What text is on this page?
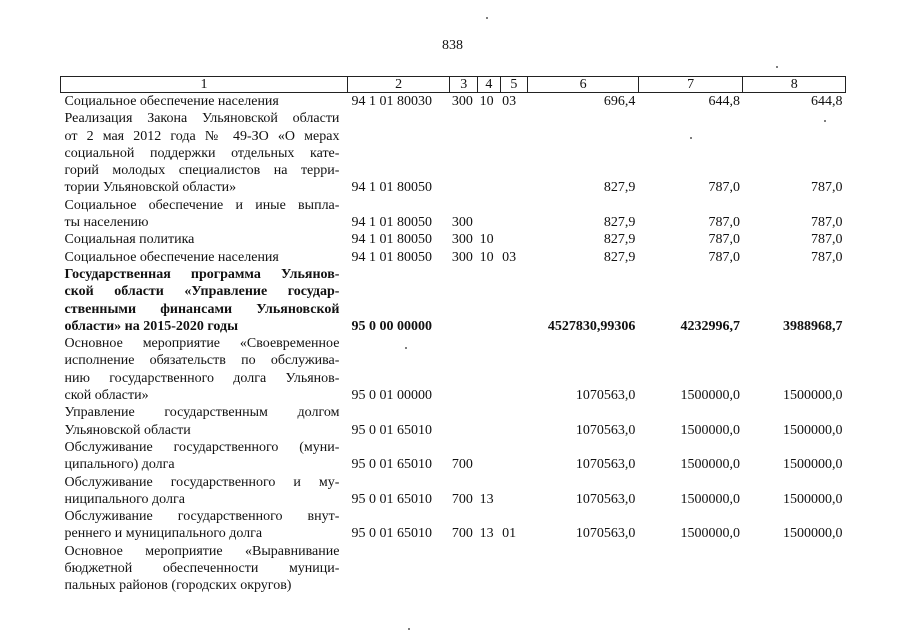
838
1	2	3	4	5	6	7	8

Социальное обеспечение населения	94 1 01 80030	300	10	03	696,4	644,8	644,8

Реализация Закона Ульяновской области
от 2 мая 2012 года № 49-ЗО «О мерах
социальной поддержки отдельных кате-
горий молодых специалистов на терри-
тории Ульяновской области»	94 1 01 80050				827,9	787,0	787,0

Социальное обеспечение и иные выпла-
ты населению	94 1 01 80050	300			827,9	787,0	787,0

Социальная политика	94 1 01 80050	300	10		827,9	787,0	787,0

Социальное обеспечение населения	94 1 01 80050	300	10	03	827,9	787,0	787,0

Государственная программа Ульянов-
ской области «Управление государ-
ственными финансами Ульяновской
области» на 2015-2020 годы	95 0 00 00000				4527830,99306	4232996,7	3988968,7

Основное мероприятие «Своевременное
исполнение обязательств по обслужива-
нию государственного долга Ульянов-
ской области»	95 0 01 00000				1070563,0	1500000,0	1500000,0

Управление государственным долгом
Ульяновской области	95 0 01 65010				1070563,0	1500000,0	1500000,0

Обслуживание государственного (муни-
ципального) долга	95 0 01 65010	700			1070563,0	1500000,0	1500000,0

Обслуживание государственного и му-
ниципального долга	95 0 01 65010	700	13		1070563,0	1500000,0	1500000,0

Обслуживание государственного внут-
реннего и муниципального долга	95 0 01 65010	700	13	01	1070563,0	1500000,0	1500000,0

Основное мероприятие «Выравнивание
бюджетной обеспеченности муници-
пальных районов (городских округов)							
